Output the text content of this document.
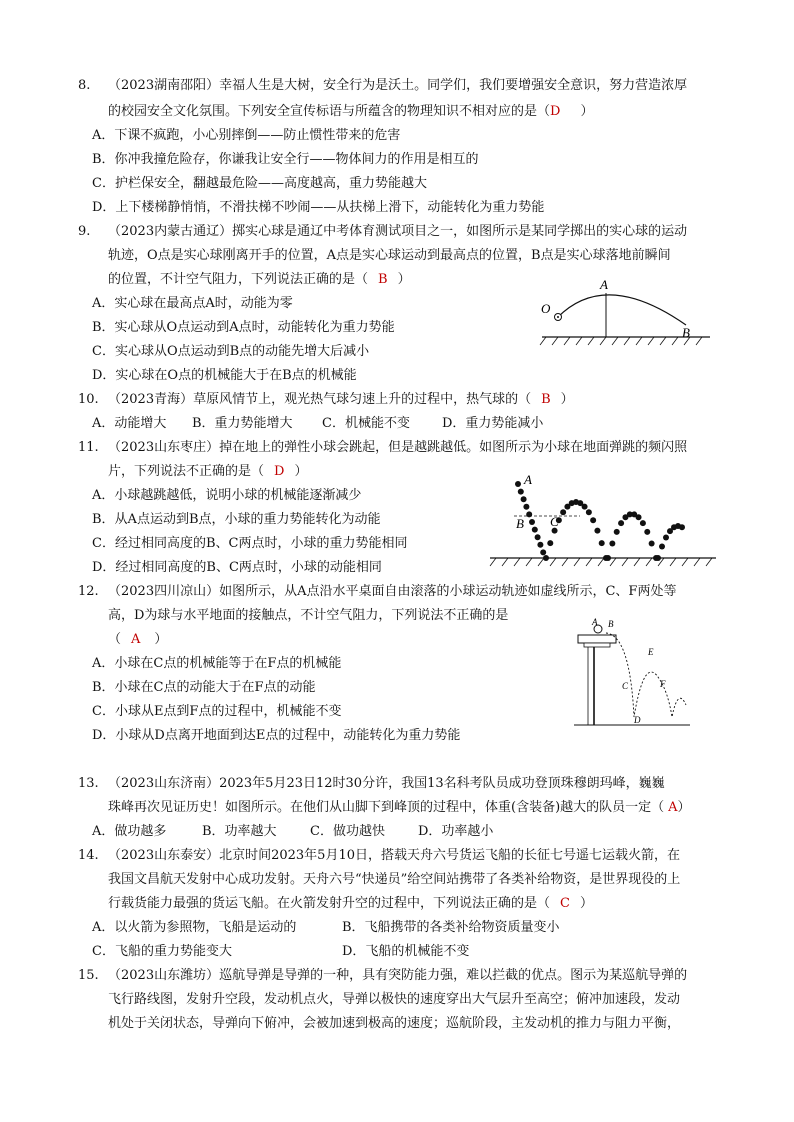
8. （2023湖南邵阳）幸福人生是大树，安全行为是沃土。同学们，我们要增强安全意识，努力营造浓厚
的校园安全文化氛围。下列安全宣传标语与所蕴含的物理知识不相对应的是（D ）
A．下课不疯跑，小心别摔倒——防止惯性带来的危害
B．你冲我撞危险存，你谦我让安全行——物体间力的作用是相互的
C．护栏保安全，翻越最危险——高度越高，重力势能越大
D．上下楼梯静悄悄，不滑扶梯不吵闹——从扶梯上滑下，动能转化为重力势能
9. （2023内蒙古通辽）掷实心球是通辽中考体育测试项目之一，如图所示是某同学掷出的实心球的运动
轨迹，O点是实心球刚离开手的位置，A点是实心球运动到最高点的位置，B点是实心球落地前瞬间
的位置，不计空气阻力，下列说法正确的是（ B ）
A．实心球在最高点A时，动能为零
B．实心球从O点运动到A点时，动能转化为重力势能
C．实心球从O点运动到B点的动能先增大后减小
D．实心球在O点的机械能大于在B点的机械能
O
A
B
10. （2023青海）草原风情节上，观光热气球匀速上升的过程中，热气球的（ B ）
A．动能增大 B．重力势能增大 C．机械能不变 D．重力势能减小
11. （2023山东枣庄）掉在地上的弹性小球会跳起，但是越跳越低。如图所示为小球在地面弹跳的频闪照
片，下列说法不正确的是（ D ）
A．小球越跳越低，说明小球的机械能逐渐减少
B．从A点运动到B点，小球的重力势能转化为动能
C．经过相同高度的B、C两点时，小球的重力势能相同
D．经过相同高度的B、C两点时，小球的动能相同
A
B C
12. （2023四川凉山）如图所示，从A点沿水平桌面自由滚落的小球运动轨迹如虚线所示，C、F两处等
高，D为球与水平地面的接触点，不计空气阻力，下列说法不正确的是
（ A ）
A．小球在C点的机械能等于在F点的机械能
B．小球在C点的动能大于在F点的动能
C．小球从E点到F点的过程中，机械能不变
D．小球从D点离开地面到达E点的过程中，动能转化为重力势能
A B
C
D
E
F
13. （2023山东济南）2023年5月23日12时30分许，我国13名科考队员成功登顶珠穆朗玛峰，巍巍
珠峰再次见证历史！如图所示。在他们从山脚下到峰顶的过程中，体重(含装备)越大的队员一定（ A）
A．做功越多	B．功率越大	C．做功越快	D．功率越小
14. （2023山东泰安）北京时间2023年5月10日，搭载天舟六号货运飞船的长征七号遥七运载火箭，在
我国文昌航天发射中心成功发射。天舟六号“快递员”给空间站携带了各类补给物资，是世界现役的上
行载货能力最强的货运飞船。在火箭发射升空的过程中，下列说法正确的是（ C ）
A．以火箭为参照物，飞船是运动的	B．飞船携带的各类补给物资质量变小
C．飞船的重力势能变大	D．飞船的机械能不变
15. （2023山东潍坊）巡航导弹是导弹的一种，具有突防能力强，难以拦截的优点。图示为某巡航导弹的
飞行路线图，发射升空段，发动机点火，导弹以极快的速度穿出大气层升至高空；俯冲加速段，发动
机处于关闭状态，导弹向下俯冲，会被加速到极高的速度；巡航阶段，主发动机的推力与阻力平衡，
